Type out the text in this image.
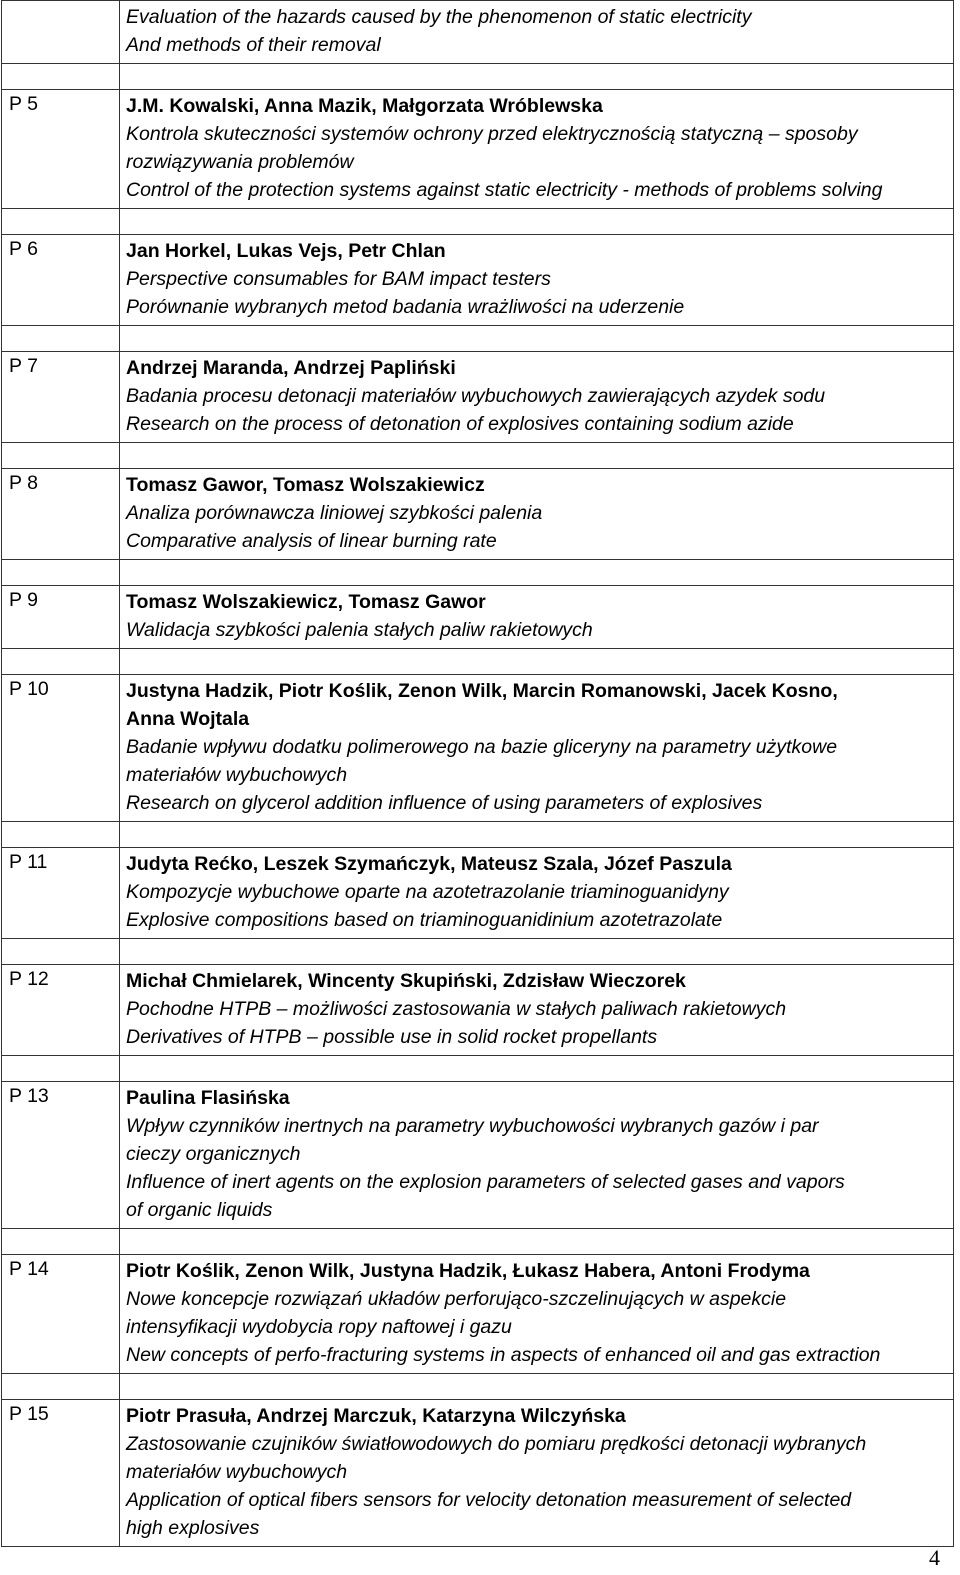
	Evaluation of the hazards caused by the phenomenon of static electricity
And methods of their removal

P 5	J.M. Kowalski, Anna Mazik, Małgorzata Wróblewska
Kontrola skuteczności systemów ochrony przed elektrycznością statyczną – sposoby
rozwiązywania problemów
Control of the protection systems against static electricity - methods of problems solving

P 6	Jan Horkel, Lukas Vejs, Petr Chlan
Perspective consumables for BAM impact testers
Porównanie wybranych metod badania wrażliwości na uderzenie

P 7	Andrzej Maranda, Andrzej Papliński
Badania procesu detonacji materiałów wybuchowych zawierających azydek sodu
Research on the process of detonation of explosives containing sodium azide

P 8	Tomasz Gawor, Tomasz Wolszakiewicz
Analiza porównawcza liniowej szybkości palenia
Comparative analysis of linear burning rate

P 9	Tomasz Wolszakiewicz, Tomasz Gawor
Walidacja szybkości palenia stałych paliw rakietowych

P 10	Justyna Hadzik, Piotr Koślik, Zenon Wilk, Marcin Romanowski, Jacek Kosno,
Anna Wojtala
Badanie wpływu dodatku polimerowego na bazie gliceryny na parametry użytkowe
materiałów wybuchowych
Research on glycerol addition influence of using parameters of explosives

P 11	Judyta Rećko, Leszek Szymańczyk, Mateusz Szala, Józef Paszula
Kompozycje wybuchowe oparte na azotetrazolanie triaminoguanidyny
Explosive compositions based on triaminoguanidinium azotetrazolate

P 12	Michał Chmielarek, Wincenty Skupiński, Zdzisław Wieczorek
Pochodne HTPB – możliwości zastosowania w stałych paliwach rakietowych
Derivatives of HTPB – possible use in solid rocket propellants

P 13	Paulina Flasińska
Wpływ czynników inertnych na parametry wybuchowości wybranych gazów i par
cieczy organicznych
Influence of inert agents on the explosion parameters of selected gases and vapors
of organic liquids

P 14	Piotr Koślik, Zenon Wilk, Justyna Hadzik, Łukasz Habera, Antoni Frodyma
Nowe koncepcje rozwiązań układów perforująco-szczelinujących w aspekcie
intensyfikacji wydobycia ropy naftowej i gazu
New concepts of perfo-fracturing systems in aspects of enhanced oil and gas extraction

P 15	Piotr Prasuła, Andrzej Marczuk, Katarzyna Wilczyńska
Zastosowanie czujników światłowodowych do pomiaru prędkości detonacji wybranych
materiałów wybuchowych
Application of optical fibers sensors for velocity detonation measurement of selected
high explosives
4
